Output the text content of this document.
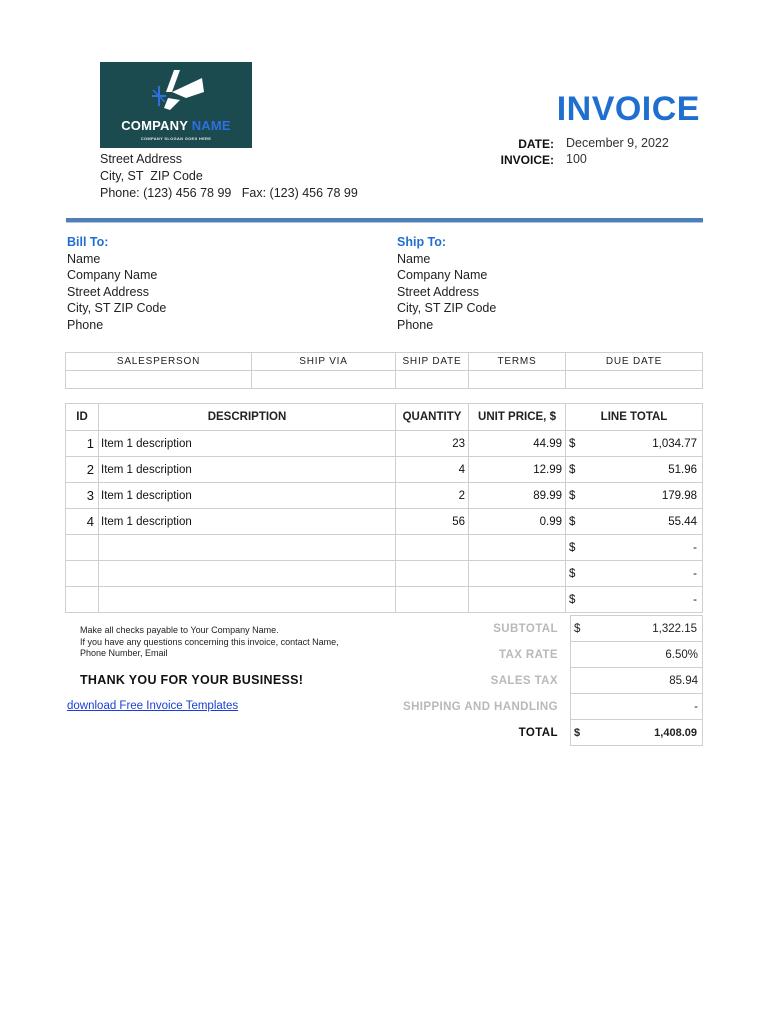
COMPANY NAME
COMPANY SLOGAN GOES HERE
Street Address
City, ST  ZIP Code
Phone: (123) 456 78 99   Fax: (123) 456 78 99
INVOICE
DATE: December 9, 2022
INVOICE: 100
Bill To:
Name
Company Name
Street Address
City, ST ZIP Code
Phone
Ship To:
Name
Company Name
Street Address
City, ST ZIP Code
Phone
SALESPERSON	SHIP VIA	SHIP DATE	TERMS	DUE DATE

ID	DESCRIPTION	QUANTITY	UNIT PRICE, $	LINE TOTAL
1	Item 1 description	23	44.99	$ 1,034.77

2	Item 1 description	4	12.99	$ 51.96

3	Item 1 description	2	89.99	$ 179.98

4	Item 1 description	56	0.99	$ 55.44

				$ -

				$ -

				$ -
Make all checks payable to Your Company Name.
If you have any questions concerning this invoice, contact Name,
Phone Number, Email
THANK YOU FOR YOUR BUSINESS!
download Free Invoice Templates
SUBTOTAL	$ 1,322.15

TAX RATE	6.50%
SALES TAX	85.94
SHIPPING AND HANDLING	-
TOTAL	$ 1,408.09
